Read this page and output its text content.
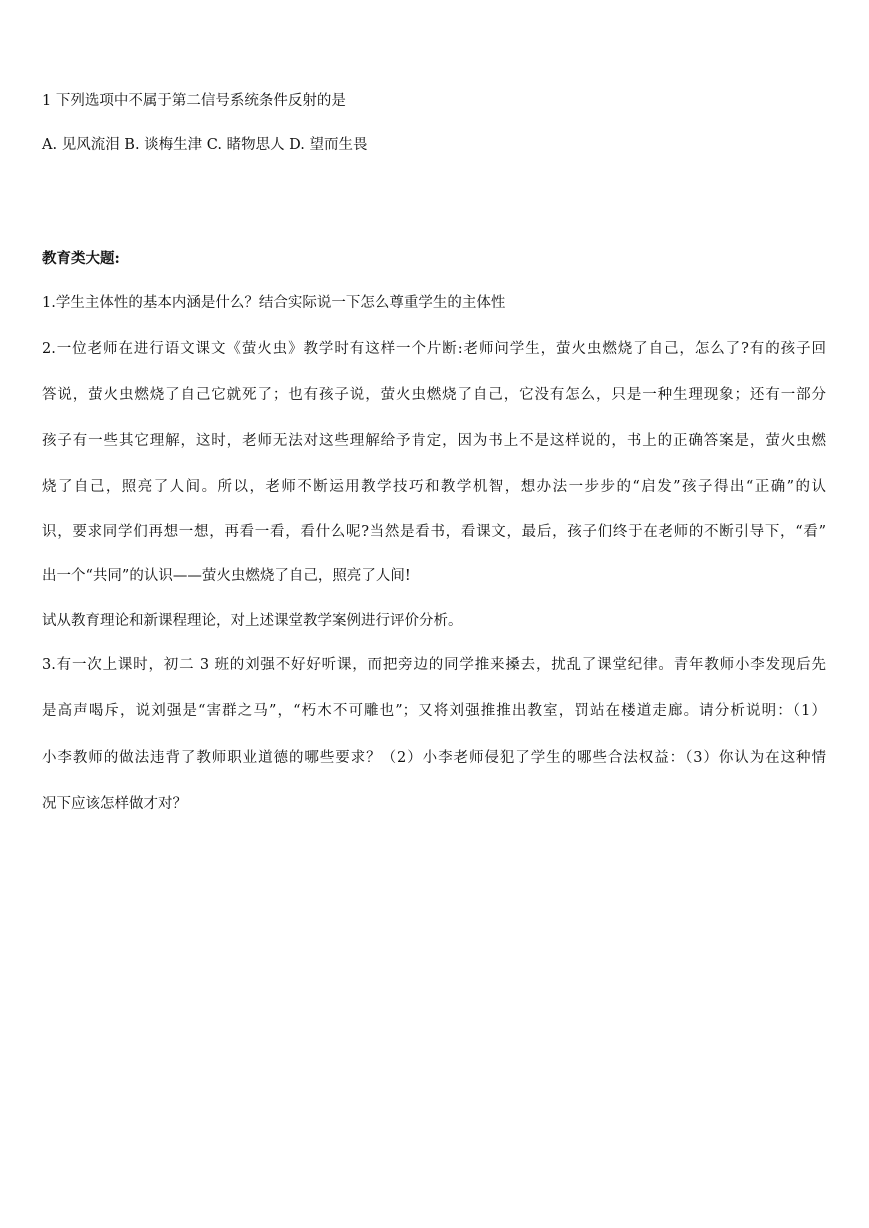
1 下列选项中不属于第二信号系统条件反射的是

A. 见风流泪 B. 谈梅生津 C. 睹物思人 D. 望而生畏

教育类大题:

1.学生主体性的基本内涵是什么？结合实际说一下怎么尊重学生的主体性

2.一位老师在进行语文课文《萤火虫》教学时有这样一个片断:老师问学生，萤火虫燃烧了自己，怎么了?有的孩子回

答说，萤火虫燃烧了自己它就死了；也有孩子说，萤火虫燃烧了自己，它没有怎么，只是一种生理现象；还有一部分

孩子有一些其它理解，这时，老师无法对这些理解给予肯定，因为书上不是这样说的，书上的正确答案是，萤火虫燃

烧了自己，照亮了人间。所以，老师不断运用教学技巧和教学机智，想办法一步步的“启发”孩子得出“正确”的认

识，要求同学们再想一想，再看一看，看什么呢?当然是看书，看课文，最后，孩子们终于在老师的不断引导下，“看”

出一个“共同”的认识——萤火虫燃烧了自己，照亮了人间!

试从教育理论和新课程理论，对上述课堂教学案例进行评价分析。

3.有一次上课时，初二 3 班的刘强不好好听课，而把旁边的同学推来搡去，扰乱了课堂纪律。青年教师小李发现后先

是高声喝斥，说刘强是“害群之马”，“朽木不可雕也”；又将刘强推推出教室，罚站在楼道走廊。请分析说明：（1）

小李教师的做法违背了教师职业道德的哪些要求？（2）小李老师侵犯了学生的哪些合法权益：（3）你认为在这种情

况下应该怎样做才对？
